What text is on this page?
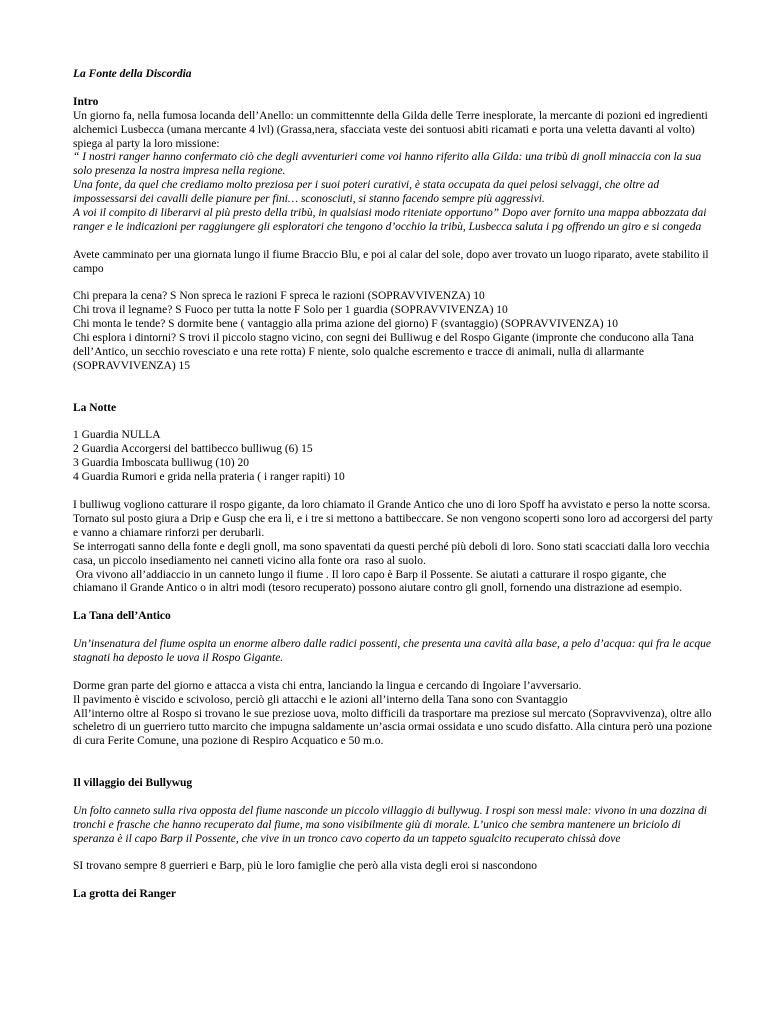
La Fonte della Discordia

Intro

Un giorno fa, nella fumosa locanda dell’Anello: un committennte della Gilda delle Terre inesplorate, la mercante di pozioni ed ingredienti alchemici Lusbecca (umana mercante 4 lvl) (Grassa,nera, sfacciata veste dei sontuosi abiti ricamati e porta una veletta davanti al volto) spiega al party la loro missione:

“ I nostri ranger hanno confermato ciò che degli avventurieri come voi hanno riferito alla Gilda: una tribù di gnoll minaccia con la sua solo presenza la nostra impresa nella regione.

Una fonte, da quel che crediamo molto preziosa per i suoi poteri curativi, è stata occupata da quei pelosi selvaggi, che oltre ad impossessarsi dei cavalli delle pianure per fini… sconosciuti, si stanno facendo sempre più aggressivi.

A voi il compito di liberarvi al più presto della tribù, in qualsiasi modo riteniate opportuno” Dopo aver fornito una mappa abbozzata dai ranger e le indicazioni per raggiungere gli esploratori che tengono d’occhio la tribù, Lusbecca saluta i pg offrendo un giro e si congeda

Avete camminato per una giornata lungo il fiume Braccio Blu, e poi al calar del sole, dopo aver trovato un luogo riparato, avete stabilito il campo

Chi prepara la cena? S Non spreca le razioni F spreca le razioni (SOPRAVVIVENZA) 10

Chi trova il legname? S Fuoco per tutta la notte F Solo per 1 guardia (SOPRAVVIVENZA) 10

Chi monta le tende? S dormite bene ( vantaggio alla prima azione del giorno) F (svantaggio) (SOPRAVVIVENZA) 10

Chi esplora i dintorni? S trovi il piccolo stagno vicino, con segni dei Bulliwug e del Rospo Gigante (impronte che conducono alla Tana dell’Antico, un secchio rovesciato e una rete rotta) F niente, solo qualche escremento e tracce di animali, nulla di allarmante (SOPRAVVIVENZA) 15

La Notte

1 Guardia NULLA

2 Guardia Accorgersi del battibecco bulliwug (6) 15

3 Guardia Imboscata bulliwug (10) 20

4 Guardia Rumori e grida nella prateria ( i ranger rapiti) 10

I bulliwug vogliono catturare il rospo gigante, da loro chiamato il Grande Antico che uno di loro Spoff ha avvistato e perso la notte scorsa. Tornato sul posto giura a Drip e Gusp che era lì, e i tre si mettono a battibeccare. Se non vengono scoperti sono loro ad accorgersi del party e vanno a chiamare rinforzi per derubarli.

Se interrogati sanno della fonte e degli gnoll, ma sono spaventati da questi perché più deboli di loro. Sono stati scacciati dalla loro vecchia casa, un piccolo insediamento nei canneti vicino alla fonte ora  raso al suolo.

Ora vivono all’addiaccio in un canneto lungo il fiume . Il loro capo è Barp il Possente. Se aiutati a catturare il rospo gigante, che chiamano il Grande Antico o in altri modi (tesoro recuperato) possono aiutare contro gli gnoll, fornendo una distrazione ad esempio.

La Tana dell’Antico

Un’insenatura del fiume ospita un enorme albero dalle radici possenti, che presenta una cavità alla base, a pelo d’acqua: qui fra le acque stagnati ha deposto le uova il Rospo Gigante.

Dorme gran parte del giorno e attacca a vista chi entra, lanciando la lingua e cercando di Ingoiare l’avversario.

Il pavimento è viscido e scivoloso, perciò gli attacchi e le azioni all’interno della Tana sono con Svantaggio

All’interno oltre al Rospo si trovano le sue preziose uova, molto difficili da trasportare ma preziose sul mercato (Sopravvivenza), oltre allo scheletro di un guerriero tutto marcito che impugna saldamente un’ascia ormai ossidata e uno scudo disfatto. Alla cintura però una pozione di cura Ferite Comune, una pozione di Respiro Acquatico e 50 m.o.

Il villaggio dei Bullywug

Un folto canneto sulla riva opposta del fiume nasconde un piccolo villaggio di bullywug. I rospi son messi male: vivono in una dozzina di tronchi e frasche che hanno recuperato dal fiume, ma sono visibilmente giù di morale. L’unico che sembra mantenere un briciolo di speranza è il capo Barp il Possente, che vive in un tronco cavo coperto da un tappeto sgualcito recuperato chissà dove

SI trovano sempre 8 guerrieri e Barp, più le loro famiglie che però alla vista degli eroi si nascondono

La grotta dei Ranger
